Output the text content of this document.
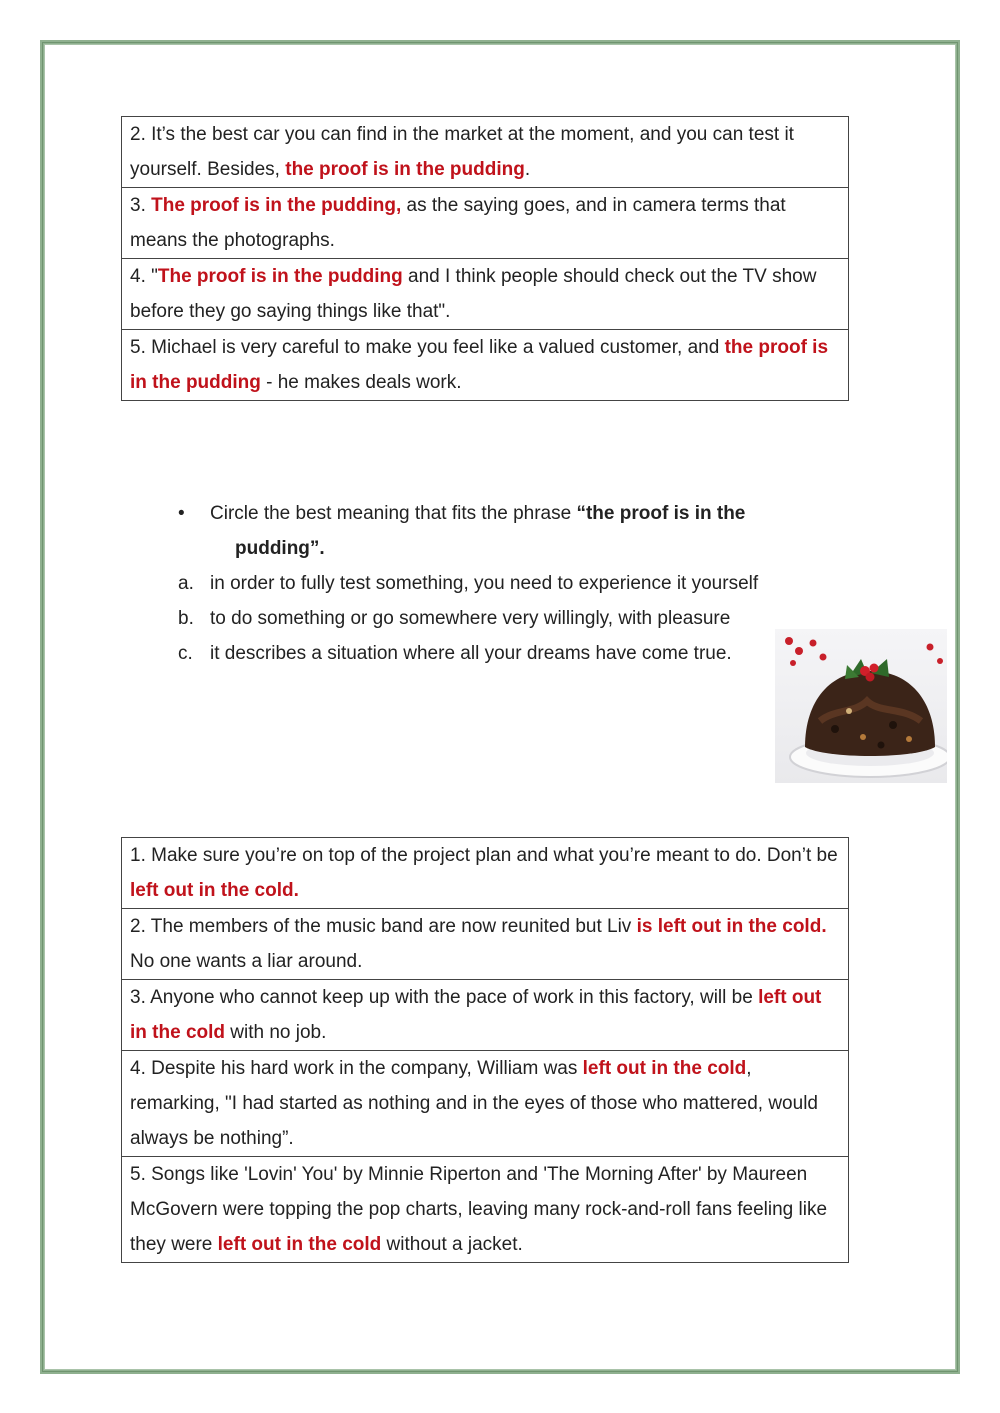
2. It’s the best car you can find in the market at the moment, and you can test it yourself. Besides, the proof is in the pudding.
3. The proof is in the pudding, as the saying goes, and in camera terms that means the photographs.
4. "The proof is in the pudding and I think people should check out the TV show before they go saying things like that".
5. Michael is very careful to make you feel like a valued customer, and the proof is in the pudding - he makes deals work.
•	Circle the best meaning that fits the phrase “the proof is in the
pudding”.
a. in order to fully test something, you need to experience it yourself
b. to do something or go somewhere very willingly, with pleasure
c. it describes a situation where all your dreams have come true.
1. Make sure you’re on top of the project plan and what you’re meant to do. Don’t be left out in the cold.
2. The members of the music band are now reunited but Liv is left out in the cold. No one wants a liar around.
3. Anyone who cannot keep up with the pace of work in this factory, will be left out in the cold with no job.
4. Despite his hard work in the company, William was left out in the cold, remarking, "I had started as nothing and in the eyes of those who mattered, would always be nothing”.
5. Songs like 'Lovin' You' by Minnie Riperton and 'The Morning After' by Maureen McGovern were topping the pop charts, leaving many rock-and-roll fans feeling like they were left out in the cold without a jacket.
